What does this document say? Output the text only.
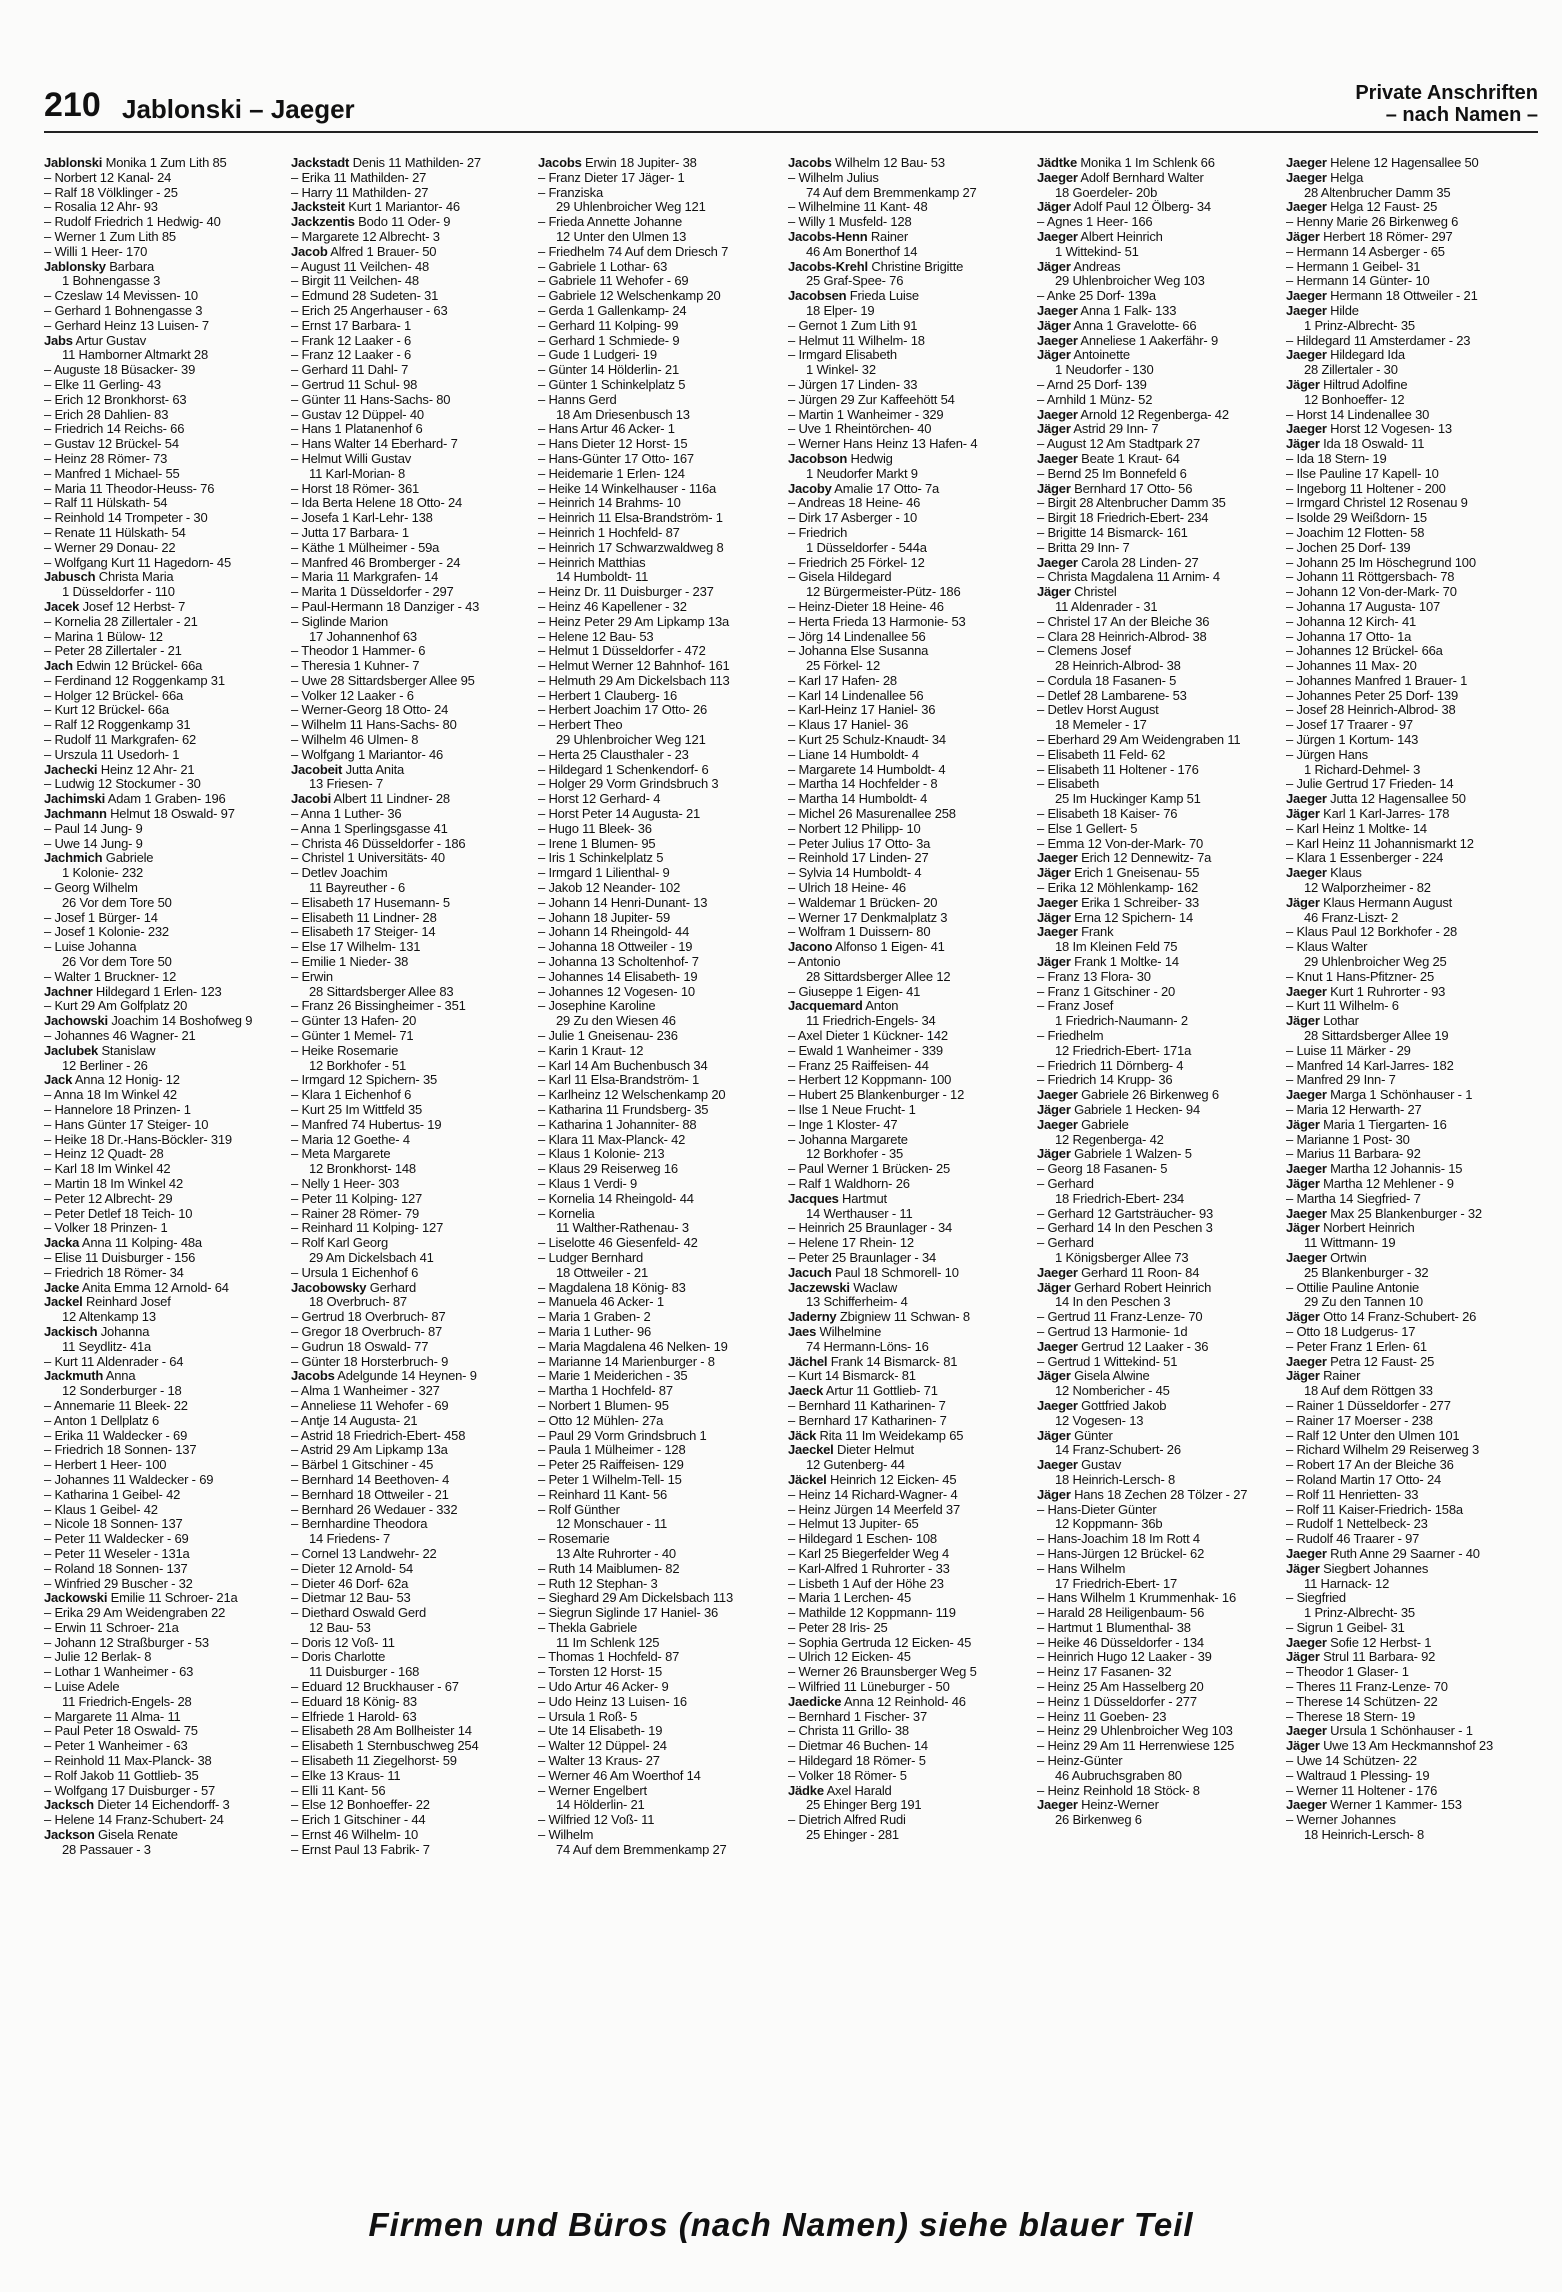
210 Jablonski – Jaeger
Private Anschriften
– nach Namen –
Jablonski Monika 1 Zum Lith 85
– Norbert 12 Kanal- 24
– Ralf 18 Völklinger - 25
– Rosalia 12 Ahr- 93
– Rudolf Friedrich 1 Hedwig- 40
– Werner 1 Zum Lith 85
– Willi 1 Heer- 170
Jablonsky Barbara
1 Bohnengasse 3
– Czeslaw 14 Mevissen- 10
– Gerhard 1 Bohnengasse 3
– Gerhard Heinz 13 Luisen- 7
Jabs Artur Gustav
11 Hamborner Altmarkt 28
– Auguste 18 Büsacker- 39
– Elke 11 Gerling- 43
– Erich 12 Bronkhorst- 63
– Erich 28 Dahlien- 83
– Friedrich 14 Reichs- 66
– Gustav 12 Brückel- 54
– Heinz 28 Römer- 73
– Manfred 1 Michael- 55
– Maria 11 Theodor-Heuss- 76
– Ralf 11 Hülskath- 54
– Reinhold 14 Trompeter - 30
– Renate 11 Hülskath- 54
– Werner 29 Donau- 22
– Wolfgang Kurt 11 Hagedorn- 45
Jabusch Christa Maria
1 Düsseldorfer - 110
Jacek Josef 12 Herbst- 7
– Kornelia 28 Zillertaler - 21
– Marina 1 Bülow- 12
– Peter 28 Zillertaler - 21
Jach Edwin 12 Brückel- 66a
– Ferdinand 12 Roggenkamp 31
– Holger 12 Brückel- 66a
– Kurt 12 Brückel- 66a
– Ralf 12 Roggenkamp 31
– Rudolf 11 Markgrafen- 62
– Urszula 11 Usedorh- 1
Jachecki Heinz 12 Ahr- 21
– Ludwig 12 Stockumer - 30
Jachimski Adam 1 Graben- 196
Jachmann Helmut 18 Oswald- 97
– Paul 14 Jung- 9
– Uwe 14 Jung- 9
Jachmich Gabriele
1 Kolonie- 232
– Georg Wilhelm
26 Vor dem Tore 50
– Josef 1 Bürger- 14
– Josef 1 Kolonie- 232
– Luise Johanna
26 Vor dem Tore 50
– Walter 1 Bruckner- 12
Jachner Hildegard 1 Erlen- 123
– Kurt 29 Am Golfplatz 20
Jachowski Joachim 14 Boshofweg 9
– Johannes 46 Wagner- 21
Jaclubek Stanislaw
12 Berliner - 26
Jack Anna 12 Honig- 12
– Anna 18 Im Winkel 42
– Hannelore 18 Prinzen- 1
– Hans Günter 17 Steiger- 10
– Heike 18 Dr.-Hans-Böckler- 319
– Heinz 12 Quadt- 28
– Karl 18 Im Winkel 42
– Martin 18 Im Winkel 42
– Peter 12 Albrecht- 29
– Peter Detlef 18 Teich- 10
– Volker 18 Prinzen- 1
Jacka Anna 11 Kolping- 48a
– Elise 11 Duisburger - 156
– Friedrich 18 Römer- 34
Jacke Anita Emma 12 Arnold- 64
Jackel Reinhard Josef
12 Altenkamp 13
Jackisch Johanna
11 Seydlitz- 41a
– Kurt 11 Aldenrader - 64
Jackmuth Anna
12 Sonderburger - 18
– Annemarie 11 Bleek- 22
– Anton 1 Dellplatz 6
– Erika 11 Waldecker - 69
– Friedrich 18 Sonnen- 137
– Herbert 1 Heer- 100
– Johannes 11 Waldecker - 69
– Katharina 1 Geibel- 42
– Klaus 1 Geibel- 42
– Nicole 18 Sonnen- 137
– Peter 11 Waldecker - 69
– Peter 11 Weseler - 131a
– Roland 18 Sonnen- 137
– Winfried 29 Buscher - 32
Jackowski Emilie 11 Schroer- 21a
– Erika 29 Am Weidengraben 22
– Erwin 11 Schroer- 21a
– Johann 12 Straßburger - 53
– Julie 12 Berlak- 8
– Lothar 1 Wanheimer - 63
– Luise Adele
11 Friedrich-Engels- 28
– Margarete 11 Alma- 11
– Paul Peter 18 Oswald- 75
– Peter 1 Wanheimer - 63
– Reinhold 11 Max-Planck- 38
– Rolf Jakob 11 Gottlieb- 35
– Wolfgang 17 Duisburger - 57
Jacksch Dieter 14 Eichendorff- 3
– Helene 14 Franz-Schubert- 24
Jackson Gisela Renate
28 Passauer - 3
Jackstadt Denis 11 Mathilden- 27
– Erika 11 Mathilden- 27
– Harry 11 Mathilden- 27
Jacksteit Kurt 1 Mariantor- 46
Jackzentis Bodo 11 Oder- 9
– Margarete 12 Albrecht- 3
Jacob Alfred 1 Brauer- 50
– August 11 Veilchen- 48
– Birgit 11 Veilchen- 48
– Edmund 28 Sudeten- 31
– Erich 25 Angerhauser - 63
– Ernst 17 Barbara- 1
– Frank 12 Laaker - 6
– Franz 12 Laaker - 6
– Gerhard 11 Dahl- 7
– Gertrud 11 Schul- 98
– Günter 11 Hans-Sachs- 80
– Gustav 12 Düppel- 40
– Hans 1 Platanenhof 6
– Hans Walter 14 Eberhard- 7
– Helmut Willi Gustav
11 Karl-Morian- 8
– Horst 18 Römer- 361
– Ida Berta Helene 18 Otto- 24
– Josefa 1 Karl-Lehr- 138
– Jutta 17 Barbara- 1
– Käthe 1 Mülheimer - 59a
– Manfred 46 Bromberger - 24
– Maria 11 Markgrafen- 14
– Marita 1 Düsseldorfer - 297
– Paul-Hermann 18 Danziger - 43
– Siglinde Marion
17 Johannenhof 63
– Theodor 1 Hammer- 6
– Theresia 1 Kuhner- 7
– Uwe 28 Sittardsberger Allee 95
– Volker 12 Laaker - 6
– Werner-Georg 18 Otto- 24
– Wilhelm 11 Hans-Sachs- 80
– Wilhelm 46 Ulmen- 8
– Wolfgang 1 Mariantor- 46
Jacobeit Jutta Anita
13 Friesen- 7
Jacobi Albert 11 Lindner- 28
– Anna 1 Luther- 36
– Anna 1 Sperlingsgasse 41
– Christa 46 Düsseldorfer - 186
– Christel 1 Universitäts- 40
– Detlev Joachim
11 Bayreuther - 6
– Elisabeth 17 Husemann- 5
– Elisabeth 11 Lindner- 28
– Elisabeth 17 Steiger- 14
– Else 17 Wilhelm- 131
– Emilie 1 Nieder- 38
– Erwin
28 Sittardsberger Allee 83
– Franz 26 Bissingheimer - 351
– Günter 13 Hafen- 20
– Günter 1 Memel- 71
– Heike Rosemarie
12 Borkhofer - 51
– Irmgard 12 Spichern- 35
– Klara 1 Eichenhof 6
– Kurt 25 Im Wittfeld 35
– Manfred 74 Hubertus- 19
– Maria 12 Goethe- 4
– Meta Margarete
12 Bronkhorst- 148
– Nelly 1 Heer- 303
– Peter 11 Kolping- 127
– Rainer 28 Römer- 79
– Reinhard 11 Kolping- 127
– Rolf Karl Georg
29 Am Dickelsbach 41
– Ursula 1 Eichenhof 6
Jacobowsky Gerhard
18 Overbruch- 87
– Gertrud 18 Overbruch- 87
– Gregor 18 Overbruch- 87
– Gudrun 18 Oswald- 77
– Günter 18 Horsterbruch- 9
Jacobs Adelgunde 14 Heynen- 9
– Alma 1 Wanheimer - 327
– Anneliese 11 Wehofer - 69
– Antje 14 Augusta- 21
– Astrid 18 Friedrich-Ebert- 458
– Astrid 29 Am Lipkamp 13a
– Bärbel 1 Gitschiner - 45
– Bernhard 14 Beethoven- 4
– Bernhard 18 Ottweiler - 21
– Bernhard 26 Wedauer - 332
– Bernhardine Theodora
14 Friedens- 7
– Cornel 13 Landwehr- 22
– Dieter 12 Arnold- 54
– Dieter 46 Dorf- 62a
– Dietmar 12 Bau- 53
– Diethard Oswald Gerd
12 Bau- 53
– Doris 12 Voß- 11
– Doris Charlotte
11 Duisburger - 168
– Eduard 12 Bruckhauser - 67
– Eduard 18 König- 83
– Elfriede 1 Harold- 63
– Elisabeth 28 Am Bollheister 14
– Elisabeth 1 Sternbuschweg 254
– Elisabeth 11 Ziegelhorst- 59
– Elke 13 Kraus- 11
– Elli 11 Kant- 56
– Else 12 Bonhoeffer- 22
– Erich 1 Gitschiner - 44
– Ernst 46 Wilhelm- 10
– Ernst Paul 13 Fabrik- 7
Jacobs Erwin 18 Jupiter- 38
– Franz Dieter 17 Jäger- 1
– Franziska
29 Uhlenbroicher Weg 121
– Frieda Annette Johanne
12 Unter den Ulmen 13
– Friedhelm 74 Auf dem Driesch 7
– Gabriele 1 Lothar- 63
– Gabriele 11 Wehofer - 69
– Gabriele 12 Welschenkamp 20
– Gerda 1 Gallenkamp- 24
– Gerhard 11 Kolping- 99
– Gerhard 1 Schmiede- 9
– Gude 1 Ludgeri- 19
– Günter 14 Hölderlin- 21
– Günter 1 Schinkelplatz 5
– Hanns Gerd
18 Am Driesenbusch 13
– Hans Artur 46 Acker- 1
– Hans Dieter 12 Horst- 15
– Hans-Günter 17 Otto- 167
– Heidemarie 1 Erlen- 124
– Heike 14 Winkelhauser - 116a
– Heinrich 14 Brahms- 10
– Heinrich 11 Elsa-Brandström- 1
– Heinrich 1 Hochfeld- 87
– Heinrich 17 Schwarzwaldweg 8
– Heinrich Matthias
14 Humboldt- 11
– Heinz Dr. 11 Duisburger - 237
– Heinz 46 Kapellener - 32
– Heinz Peter 29 Am Lipkamp 13a
– Helene 12 Bau- 53
– Helmut 1 Düsseldorfer - 472
– Helmut Werner 12 Bahnhof- 161
– Helmuth 29 Am Dickelsbach 113
– Herbert 1 Clauberg- 16
– Herbert Joachim 17 Otto- 26
– Herbert Theo
29 Uhlenbroicher Weg 121
– Herta 25 Clausthaler - 23
– Hildegard 1 Schenkendorf- 6
– Holger 29 Vorm Grindsbruch 3
– Horst 12 Gerhard- 4
– Horst Peter 14 Augusta- 21
– Hugo 11 Bleek- 36
– Irene 1 Blumen- 95
– Iris 1 Schinkelplatz 5
– Irmgard 1 Lilienthal- 9
– Jakob 12 Neander- 102
– Johann 14 Henri-Dunant- 13
– Johann 18 Jupiter- 59
– Johann 14 Rheingold- 44
– Johanna 18 Ottweiler - 19
– Johanna 13 Scholtenhof- 7
– Johannes 14 Elisabeth- 19
– Johannes 12 Vogesen- 10
– Josephine Karoline
29 Zu den Wiesen 46
– Julie 1 Gneisenau- 236
– Karin 1 Kraut- 12
– Karl 14 Am Buchenbusch 34
– Karl 11 Elsa-Brandström- 1
– Karlheinz 12 Welschenkamp 20
– Katharina 11 Frundsberg- 35
– Katharina 1 Johanniter- 88
– Klara 11 Max-Planck- 42
– Klaus 1 Kolonie- 213
– Klaus 29 Reiserweg 16
– Klaus 1 Verdi- 9
– Kornelia 14 Rheingold- 44
– Kornelia
11 Walther-Rathenau- 3
– Liselotte 46 Giesenfeld- 42
– Ludger Bernhard
18 Ottweiler - 21
– Magdalena 18 König- 83
– Manuela 46 Acker- 1
– Maria 1 Graben- 2
– Maria 1 Luther- 96
– Maria Magdalena 46 Nelken- 19
– Marianne 14 Marienburger - 8
– Marie 1 Meiderichen - 35
– Martha 1 Hochfeld- 87
– Norbert 1 Blumen- 95
– Otto 12 Mühlen- 27a
– Paul 29 Vorm Grindsbruch 1
– Paula 1 Mülheimer - 128
– Peter 25 Raiffeisen- 129
– Peter 1 Wilhelm-Tell- 15
– Reinhard 11 Kant- 56
– Rolf Günther
12 Monschauer - 11
– Rosemarie
13 Alte Ruhrorter - 40
– Ruth 14 Maiblumen- 82
– Ruth 12 Stephan- 3
– Sieghard 29 Am Dickelsbach 113
– Siegrun Siglinde 17 Haniel- 36
– Thekla Gabriele
11 Im Schlenk 125
– Thomas 1 Hochfeld- 87
– Torsten 12 Horst- 15
– Udo Artur 46 Acker- 9
– Udo Heinz 13 Luisen- 16
– Ursula 1 Roß- 5
– Ute 14 Elisabeth- 19
– Walter 12 Düppel- 24
– Walter 13 Kraus- 27
– Werner 46 Am Woerthof 14
– Werner Engelbert
14 Hölderlin- 21
– Wilfried 12 Voß- 11
– Wilhelm
74 Auf dem Bremmenkamp 27
Jacobs Wilhelm 12 Bau- 53
– Wilhelm Julius
74 Auf dem Bremmenkamp 27
– Wilhelmine 11 Kant- 48
– Willy 1 Musfeld- 128
Jacobs-Henn Rainer
46 Am Bonerthof 14
Jacobs-Krehl Christine Brigitte
25 Graf-Spee- 76
Jacobsen Frieda Luise
18 Elper- 19
– Gernot 1 Zum Lith 91
– Helmut 11 Wilhelm- 18
– Irmgard Elisabeth
1 Winkel- 32
– Jürgen 17 Linden- 33
– Jürgen 29 Zur Kaffeehött 54
– Martin 1 Wanheimer - 329
– Uve 1 Rheintörchen- 40
– Werner Hans Heinz 13 Hafen- 4
Jacobson Hedwig
1 Neudorfer Markt 9
Jacoby Amalie 17 Otto- 7a
– Andreas 18 Heine- 46
– Dirk 17 Asberger - 10
– Friedrich
1 Düsseldorfer - 544a
– Friedrich 25 Förkel- 12
– Gisela Hildegard
12 Bürgermeister-Pütz- 186
– Heinz-Dieter 18 Heine- 46
– Herta Frieda 13 Harmonie- 53
– Jörg 14 Lindenallee 56
– Johanna Else Susanna
25 Förkel- 12
– Karl 17 Hafen- 28
– Karl 14 Lindenallee 56
– Karl-Heinz 17 Haniel- 36
– Klaus 17 Haniel- 36
– Kurt 25 Schulz-Knaudt- 34
– Liane 14 Humboldt- 4
– Margarete 14 Humboldt- 4
– Martha 14 Hochfelder - 8
– Martha 14 Humboldt- 4
– Michel 26 Masurenallee 258
– Norbert 12 Philipp- 10
– Peter Julius 17 Otto- 3a
– Reinhold 17 Linden- 27
– Sylvia 14 Humboldt- 4
– Ulrich 18 Heine- 46
– Waldemar 1 Brücken- 20
– Werner 17 Denkmalplatz 3
– Wolfram 1 Duissern- 80
Jacono Alfonso 1 Eigen- 41
– Antonio
28 Sittardsberger Allee 12
– Giuseppe 1 Eigen- 41
Jacquemard Anton
11 Friedrich-Engels- 34
– Axel Dieter 1 Kückner- 142
– Ewald 1 Wanheimer - 339
– Franz 25 Raiffeisen- 44
– Herbert 12 Koppmann- 100
– Hubert 25 Blankenburger - 12
– Ilse 1 Neue Frucht- 1
– Inge 1 Kloster- 47
– Johanna Margarete
12 Borkhofer - 35
– Paul Werner 1 Brücken- 25
– Ralf 1 Waldhorn- 26
Jacques Hartmut
14 Werthauser - 11
– Heinrich 25 Braunlager - 34
– Helene 17 Rhein- 12
– Peter 25 Braunlager - 34
Jacuch Paul 18 Schmorell- 10
Jaczewski Waclaw
13 Schifferheim- 4
Jaderny Zbigniew 11 Schwan- 8
Jaes Wilhelmine
74 Hermann-Löns- 16
Jächel Frank 14 Bismarck- 81
– Kurt 14 Bismarck- 81
Jaeck Artur 11 Gottlieb- 71
– Bernhard 11 Katharinen- 7
– Bernhard 17 Katharinen- 7
Jäck Rita 11 Im Weidekamp 65
Jaeckel Dieter Helmut
12 Gutenberg- 44
Jäckel Heinrich 12 Eicken- 45
– Heinz 14 Richard-Wagner- 4
– Heinz Jürgen 14 Meerfeld 37
– Helmut 13 Jupiter- 65
– Hildegard 1 Eschen- 108
– Karl 25 Biegerfelder Weg 4
– Karl-Alfred 1 Ruhrorter - 33
– Lisbeth 1 Auf der Höhe 23
– Maria 1 Lerchen- 45
– Mathilde 12 Koppmann- 119
– Peter 28 Iris- 25
– Sophia Gertruda 12 Eicken- 45
– Ulrich 12 Eicken- 45
– Werner 26 Braunsberger Weg 5
– Wilfried 11 Lüneburger - 50
Jaedicke Anna 12 Reinhold- 46
– Bernhard 1 Fischer- 37
– Christa 11 Grillo- 38
– Dietmar 46 Buchen- 14
– Hildegard 18 Römer- 5
– Volker 18 Römer- 5
Jädke Axel Harald
25 Ehinger Berg 191
– Dietrich Alfred Rudi
25 Ehinger - 281
Jädtke Monika 1 Im Schlenk 66
Jaeger Adolf Bernhard Walter
18 Goerdeler- 20b
Jäger Adolf Paul 12 Ölberg- 34
– Agnes 1 Heer- 166
Jaeger Albert Heinrich
1 Wittekind- 51
Jäger Andreas
29 Uhlenbroicher Weg 103
– Anke 25 Dorf- 139a
Jaeger Anna 1 Falk- 133
Jäger Anna 1 Gravelotte- 66
Jaeger Anneliese 1 Aakerfähr- 9
Jäger Antoinette
1 Neudorfer - 130
– Arnd 25 Dorf- 139
– Arnhild 1 Münz- 52
Jaeger Arnold 12 Regenberga- 42
Jäger Astrid 29 Inn- 7
– August 12 Am Stadtpark 27
Jaeger Beate 1 Kraut- 64
– Bernd 25 Im Bonnefeld 6
Jäger Bernhard 17 Otto- 56
– Birgit 28 Altenbrucher Damm 35
– Birgit 18 Friedrich-Ebert- 234
– Brigitte 14 Bismarck- 161
– Britta 29 Inn- 7
Jaeger Carola 28 Linden- 27
– Christa Magdalena 11 Arnim- 4
Jäger Christel
11 Aldenrader - 31
– Christel 17 An der Bleiche 36
– Clara 28 Heinrich-Albrod- 38
– Clemens Josef
28 Heinrich-Albrod- 38
– Cordula 18 Fasanen- 5
– Detlef 28 Lambarene- 53
– Detlev Horst August
18 Memeler - 17
– Eberhard 29 Am Weidengraben 11
– Elisabeth 11 Feld- 62
– Elisabeth 11 Holtener - 176
– Elisabeth
25 Im Huckinger Kamp 51
– Elisabeth 18 Kaiser- 76
– Else 1 Gellert- 5
– Emma 12 Von-der-Mark- 70
Jaeger Erich 12 Dennewitz- 7a
Jäger Erich 1 Gneisenau- 55
– Erika 12 Möhlenkamp- 162
Jaeger Erika 1 Schreiber- 33
Jäger Erna 12 Spichern- 14
Jaeger Frank
18 Im Kleinen Feld 75
Jäger Frank 1 Moltke- 14
– Franz 13 Flora- 30
– Franz 1 Gitschiner - 20
– Franz Josef
1 Friedrich-Naumann- 2
– Friedhelm
12 Friedrich-Ebert- 171a
– Friedrich 11 Dörnberg- 4
– Friedrich 14 Krupp- 36
Jaeger Gabriele 26 Birkenweg 6
Jäger Gabriele 1 Hecken- 94
Jaeger Gabriele
12 Regenberga- 42
Jäger Gabriele 1 Walzen- 5
– Georg 18 Fasanen- 5
– Gerhard
18 Friedrich-Ebert- 234
– Gerhard 12 Gartsträucher- 93
– Gerhard 14 In den Peschen 3
– Gerhard
1 Königsberger Allee 73
Jaeger Gerhard 11 Roon- 84
Jäger Gerhard Robert Heinrich
14 In den Peschen 3
– Gertrud 11 Franz-Lenze- 70
– Gertrud 13 Harmonie- 1d
Jaeger Gertrud 12 Laaker - 36
– Gertrud 1 Wittekind- 51
Jäger Gisela Alwine
12 Nombericher - 45
Jaeger Gottfried Jakob
12 Vogesen- 13
Jäger Günter
14 Franz-Schubert- 26
Jaeger Gustav
18 Heinrich-Lersch- 8
Jäger Hans 18 Zechen 28 Tölzer - 27
– Hans-Dieter Günter
12 Koppmann- 36b
– Hans-Joachim 18 Im Rott 4
– Hans-Jürgen 12 Brückel- 62
– Hans Wilhelm
17 Friedrich-Ebert- 17
– Hans Wilhelm 1 Krummenhak- 16
– Harald 28 Heiligenbaum- 56
– Hartmut 1 Blumenthal- 38
– Heike 46 Düsseldorfer - 134
– Heinrich Hugo 12 Laaker - 39
– Heinz 17 Fasanen- 32
– Heinz 25 Am Hasselberg 20
– Heinz 1 Düsseldorfer - 277
– Heinz 11 Goeben- 23
– Heinz 29 Uhlenbroicher Weg 103
– Heinz 29 Am 11 Herrenwiese 125
– Heinz-Günter
46 Aubruchsgraben 80
– Heinz Reinhold 18 Stöck- 8
Jaeger Heinz-Werner
26 Birkenweg 6
Jaeger Helene 12 Hagensallee 50
Jaeger Helga
28 Altenbrucher Damm 35
Jaeger Helga 12 Faust- 25
– Henny Marie 26 Birkenweg 6
Jäger Herbert 18 Römer- 297
– Hermann 14 Asberger - 65
– Hermann 1 Geibel- 31
– Hermann 14 Günter- 10
Jaeger Hermann 18 Ottweiler - 21
Jaeger Hilde
1 Prinz-Albrecht- 35
– Hildegard 11 Amsterdamer - 23
Jaeger Hildegard Ida
28 Zillertaler - 30
Jäger Hiltrud Adolfine
12 Bonhoeffer- 12
– Horst 14 Lindenallee 30
Jaeger Horst 12 Vogesen- 13
Jäger Ida 18 Oswald- 11
– Ida 18 Stern- 19
– Ilse Pauline 17 Kapell- 10
– Ingeborg 11 Holtener - 200
– Irmgard Christel 12 Rosenau 9
– Isolde 29 Weißdorn- 15
– Joachim 12 Flotten- 58
– Jochen 25 Dorf- 139
– Johann 25 Im Höschegrund 100
– Johann 11 Röttgersbach- 78
– Johann 12 Von-der-Mark- 70
– Johanna 17 Augusta- 107
– Johanna 12 Kirch- 41
– Johanna 17 Otto- 1a
– Johannes 12 Brückel- 66a
– Johannes 11 Max- 20
– Johannes Manfred 1 Brauer- 1
– Johannes Peter 25 Dorf- 139
– Josef 28 Heinrich-Albrod- 38
– Josef 17 Traarer - 97
– Jürgen 1 Kortum- 143
– Jürgen Hans
1 Richard-Dehmel- 3
– Julie Gertrud 17 Frieden- 14
Jaeger Jutta 12 Hagensallee 50
Jäger Karl 1 Karl-Jarres- 178
– Karl Heinz 1 Moltke- 14
– Karl Heinz 11 Johannismarkt 12
– Klara 1 Essenberger - 224
Jaeger Klaus
12 Walporzheimer - 82
Jäger Klaus Hermann August
46 Franz-Liszt- 2
– Klaus Paul 12 Borkhofer - 28
– Klaus Walter
29 Uhlenbroicher Weg 25
– Knut 1 Hans-Pfitzner- 25
Jaeger Kurt 1 Ruhrorter - 93
– Kurt 11 Wilhelm- 6
Jäger Lothar
28 Sittardsberger Allee 19
– Luise 11 Märker - 29
– Manfred 14 Karl-Jarres- 182
– Manfred 29 Inn- 7
Jaeger Marga 1 Schönhauser - 1
– Maria 12 Herwarth- 27
Jäger Maria 1 Tiergarten- 16
– Marianne 1 Post- 30
– Marius 11 Barbara- 92
Jaeger Martha 12 Johannis- 15
Jäger Martha 12 Mehlener - 9
– Martha 14 Siegfried- 7
Jaeger Max 25 Blankenburger - 32
Jäger Norbert Heinrich
11 Wittmann- 19
Jaeger Ortwin
25 Blankenburger - 32
– Ottilie Pauline Antonie
29 Zu den Tannen 10
Jäger Otto 14 Franz-Schubert- 26
– Otto 18 Ludgerus- 17
– Peter Franz 1 Erlen- 61
Jaeger Petra 12 Faust- 25
Jäger Rainer
18 Auf dem Röttgen 33
– Rainer 1 Düsseldorfer - 277
– Rainer 17 Moerser - 238
– Ralf 12 Unter den Ulmen 101
– Richard Wilhelm 29 Reiserweg 3
– Robert 17 An der Bleiche 36
– Roland Martin 17 Otto- 24
– Rolf 11 Henrietten- 33
– Rolf 11 Kaiser-Friedrich- 158a
– Rudolf 1 Nettelbeck- 23
– Rudolf 46 Traarer - 97
Jaeger Ruth Anne 29 Saarner - 40
Jäger Siegbert Johannes
11 Harnack- 12
– Siegfried
1 Prinz-Albrecht- 35
– Sigrun 1 Geibel- 31
Jaeger Sofie 12 Herbst- 1
Jäger Strul 11 Barbara- 92
– Theodor 1 Glaser- 1
– Theres 11 Franz-Lenze- 70
– Therese 14 Schützen- 22
– Therese 18 Stern- 19
Jaeger Ursula 1 Schönhauser - 1
Jäger Uwe 13 Am Heckmannshof 23
– Uwe 14 Schützen- 22
– Waltraud 1 Plessing- 19
– Werner 11 Holtener - 176
Jaeger Werner 1 Kammer- 153
– Werner Johannes
18 Heinrich-Lersch- 8
Firmen und Büros (nach Namen) siehe blauer Teil
